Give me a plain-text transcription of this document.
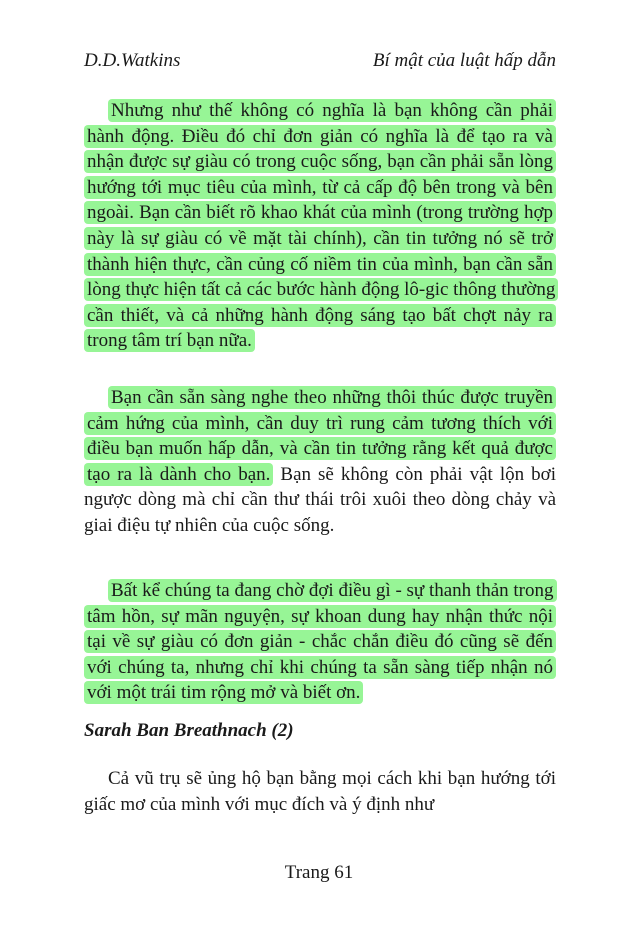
D.D.Watkins	Bí mật của luật hấp dẫn

Nhưng như thế không có nghĩa là bạn không cần phải hành động. Điều đó chỉ đơn giản có nghĩa là để tạo ra và nhận được sự giàu có trong cuộc sống, bạn cần phải sẵn lòng hướng tới mục tiêu của mình, từ cả cấp độ bên trong và bên ngoài. Bạn cần biết rõ khao khát của mình (trong trường hợp này là sự giàu có về mặt tài chính), cần tin tưởng nó sẽ trở thành hiện thực, cần củng cố niềm tin của mình, bạn cần sẵn lòng thực hiện tất cả các bước hành động lô-gic thông thường cần thiết, và cả những hành động sáng tạo bất chợt nảy ra trong tâm trí bạn nữa.

Bạn cần sẵn sàng nghe theo những thôi thúc được truyền cảm hứng của mình, cần duy trì rung cảm tương thích với điều bạn muốn hấp dẫn, và cần tin tưởng rằng kết quả được tạo ra là dành cho bạn. Bạn sẽ không còn phải vật lộn bơi ngược dòng mà chỉ cần thư thái trôi xuôi theo dòng chảy và giai điệu tự nhiên của cuộc sống.

Bất kể chúng ta đang chờ đợi điều gì - sự thanh thản trong tâm hồn, sự mãn nguyện, sự khoan dung hay nhận thức nội tại về sự giàu có đơn giản - chắc chắn điều đó cũng sẽ đến với chúng ta, nhưng chỉ khi chúng ta sẵn sàng tiếp nhận nó với một trái tim rộng mở và biết ơn.

Sarah Ban Breathnach (2)

Cả vũ trụ sẽ ủng hộ bạn bằng mọi cách khi bạn hướng tới giấc mơ của mình với mục đích và ý định như

Trang 61
